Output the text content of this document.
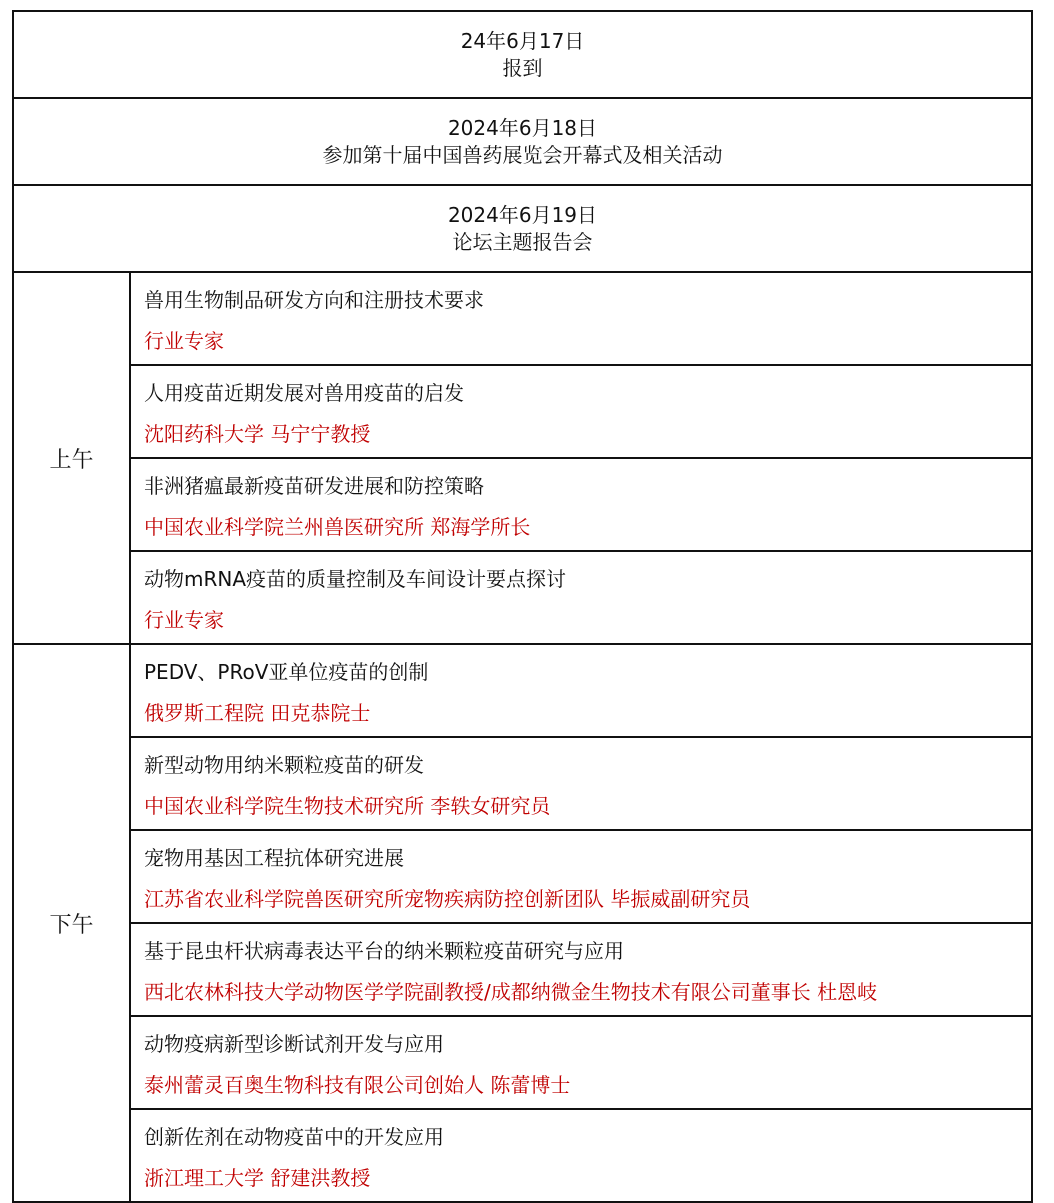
24年6月17日
报到
2024年6月18日
参加第十届中国兽药展览会开幕式及相关活动
2024年6月19日
论坛主题报告会
上午
兽用生物制品研发方向和注册技术要求
行业专家
人用疫苗近期发展对兽用疫苗的启发
沈阳药科大学 马宁宁教授
非洲猪瘟最新疫苗研发进展和防控策略
中国农业科学院兰州兽医研究所 郑海学所长
动物mRNA疫苗的质量控制及车间设计要点探讨
行业专家
下午
PEDV、PRoV亚单位疫苗的创制
俄罗斯工程院 田克恭院士
新型动物用纳米颗粒疫苗的研发
中国农业科学院生物技术研究所 李轶女研究员
宠物用基因工程抗体研究进展
江苏省农业科学院兽医研究所宠物疾病防控创新团队 毕振威副研究员
基于昆虫杆状病毒表达平台的纳米颗粒疫苗研究与应用
西北农林科技大学动物医学学院副教授/成都纳微金生物技术有限公司董事长 杜恩岐
动物疫病新型诊断试剂开发与应用
泰州蕾灵百奥生物科技有限公司创始人 陈蕾博士
创新佐剂在动物疫苗中的开发应用
浙江理工大学 舒建洪教授
